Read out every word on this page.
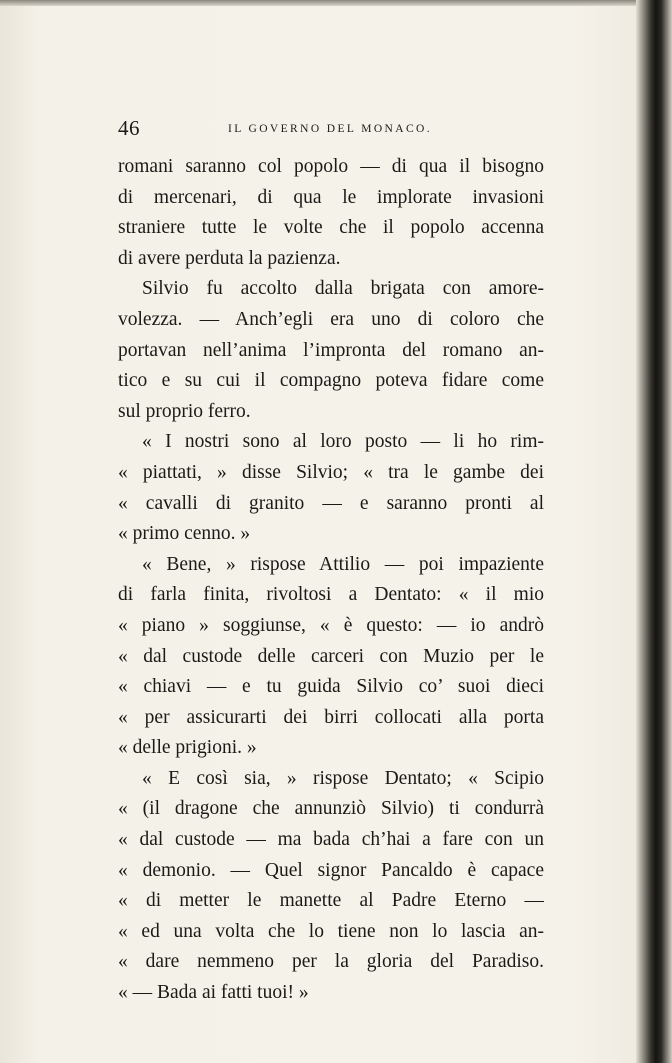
46	IL GOVERNO DEL MONACO.
romani saranno col popolo — di qua il bisogno
di mercenari, di qua le implorate invasioni
straniere tutte le volte che il popolo accenna
di avere perduta la pazienza.
Silvio fu accolto dalla brigata con amore-
volezza. — Anch’egli era uno di coloro che
portavan nell’anima l’impronta del romano an-
tico e su cui il compagno poteva fidare come
sul proprio ferro.
« I nostri sono al loro posto — li ho rim-
« piattati, » disse Silvio; « tra le gambe dei
« cavalli di granito — e saranno pronti al
« primo cenno. »
« Bene, » rispose Attilio — poi impaziente
di farla finita, rivoltosi a Dentato: « il mio
« piano » soggiunse, « è questo: — io andrò
« dal custode delle carceri con Muzio per le
« chiavi — e tu guida Silvio co’ suoi dieci
« per assicurarti dei birri collocati alla porta
« delle prigioni. »
« E così sia, » rispose Dentato; « Scipio
« (il dragone che annunziò Silvio) ti condurrà
« dal custode — ma bada ch’hai a fare con un
« demonio. — Quel signor Pancaldo è capace
« di metter le manette al Padre Eterno —
« ed una volta che lo tiene non lo lascia an-
« dare nemmeno per la gloria del Paradiso.
« — Bada ai fatti tuoi! »
